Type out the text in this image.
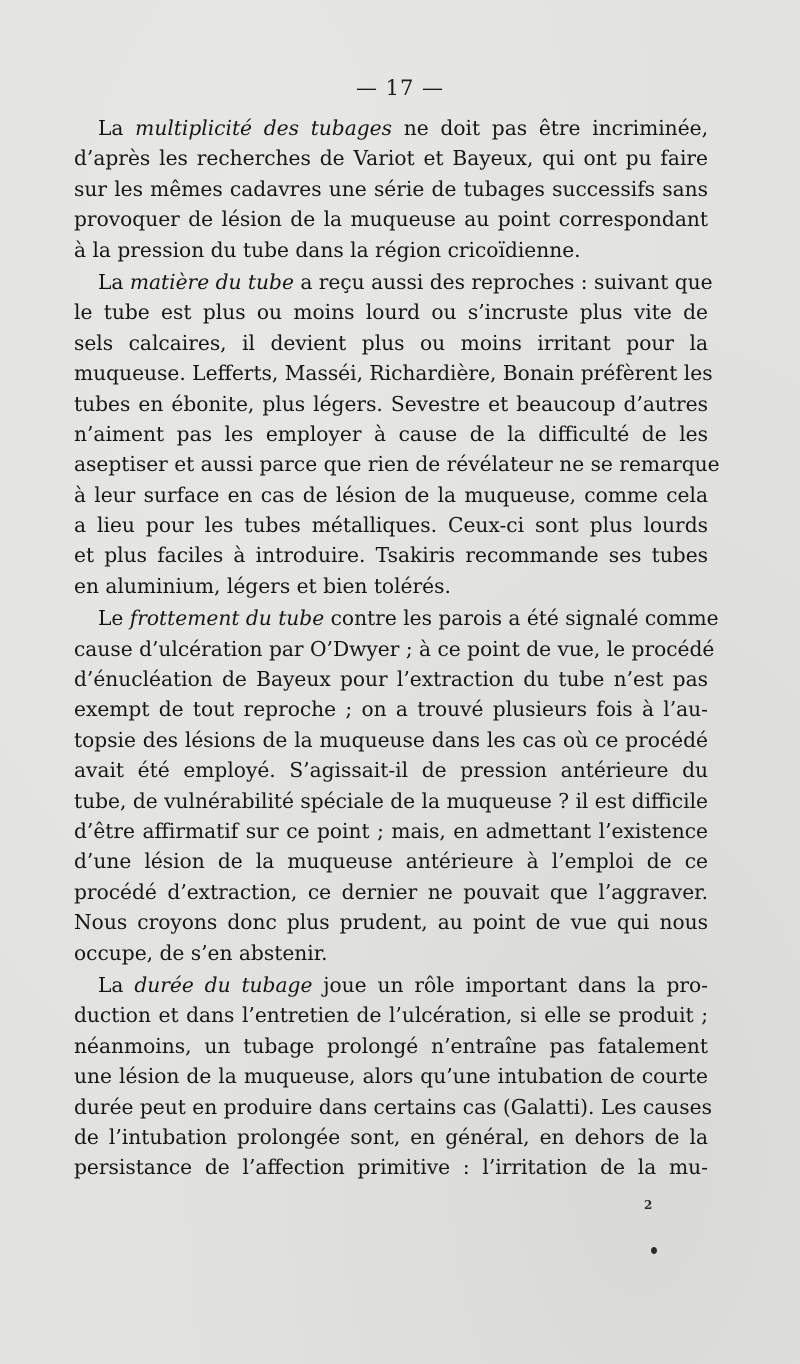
— 17 —
La multiplicité des tubages ne doit pas être incriminée,
d’après les recherches de Variot et Bayeux, qui ont pu faire
sur les mêmes cadavres une série de tubages successifs sans
provoquer de lésion de la muqueuse au point correspondant
à la pression du tube dans la région cricoïdienne.
La matière du tube a reçu aussi des reproches : suivant que
le tube est plus ou moins lourd ou s’incruste plus vite de
sels calcaires, il devient plus ou moins irritant pour la
muqueuse. Lefferts, Masséi, Richardière, Bonain préfèrent les
tubes en ébonite, plus légers. Sevestre et beaucoup d’autres
n’aiment pas les employer à cause de la difficulté de les
aseptiser et aussi parce que rien de révélateur ne se remarque
à leur surface en cas de lésion de la muqueuse, comme cela
a lieu pour les tubes métalliques. Ceux-ci sont plus lourds
et plus faciles à introduire. Tsakiris recommande ses tubes
en aluminium, légers et bien tolérés.
Le frottement du tube contre les parois a été signalé comme
cause d’ulcération par O’Dwyer ; à ce point de vue, le procédé
d’énucléation de Bayeux pour l’extraction du tube n’est pas
exempt de tout reproche ; on a trouvé plusieurs fois à l’au-
topsie des lésions de la muqueuse dans les cas où ce procédé
avait été employé. S’agissait-il de pression antérieure du
tube, de vulnérabilité spéciale de la muqueuse ? il est difficile
d’être affirmatif sur ce point ; mais, en admettant l’existence
d’une lésion de la muqueuse antérieure à l’emploi de ce
procédé d’extraction, ce dernier ne pouvait que l’aggraver.
Nous croyons donc plus prudent, au point de vue qui nous
occupe, de s’en abstenir.
La durée du tubage joue un rôle important dans la pro-
duction et dans l’entretien de l’ulcération, si elle se produit ;
néanmoins, un tubage prolongé n’entraîne pas fatalement
une lésion de la muqueuse, alors qu’une intubation de courte
durée peut en produire dans certains cas (Galatti). Les causes
de l’intubation prolongée sont, en général, en dehors de la
persistance de l’affection primitive : l’irritation de la mu-
2
